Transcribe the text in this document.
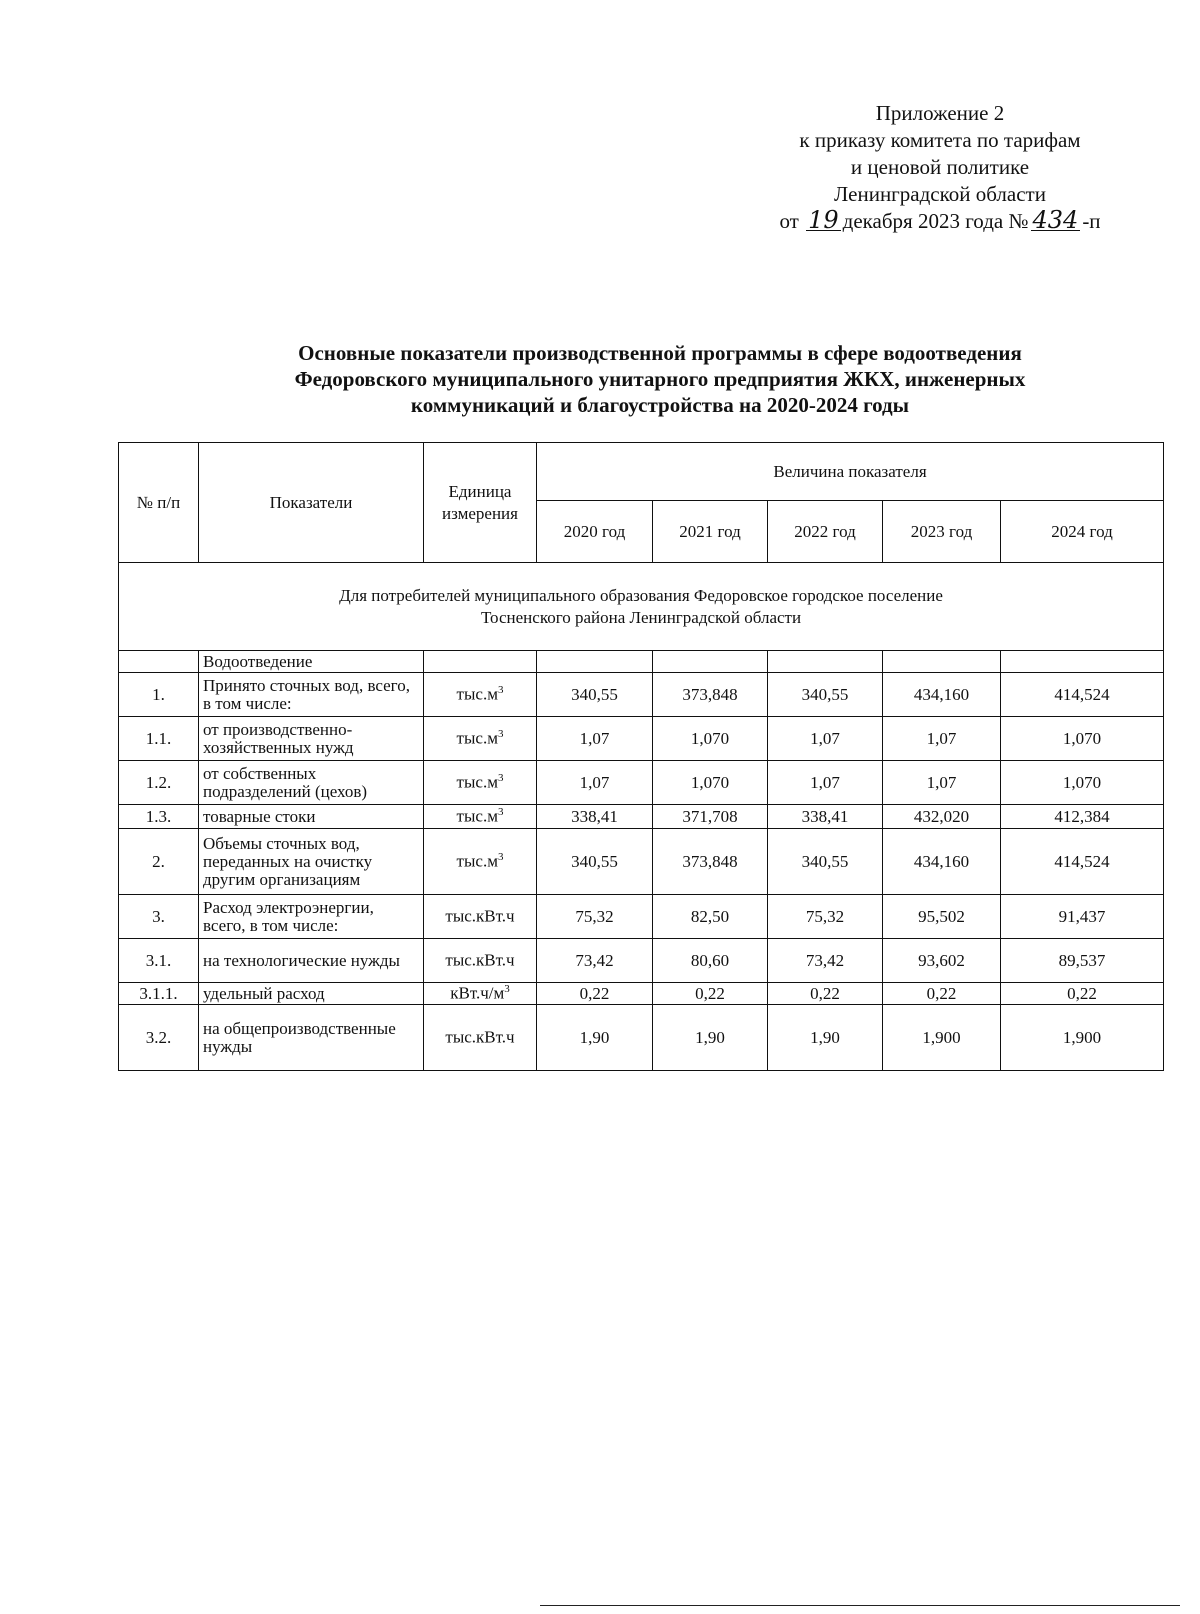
Приложение 2
к приказу комитета по тарифам
и ценовой политике
Ленинградской области
от 19 декабря 2023 года № 434 -п
Основные показатели производственной программы в сфере водоотведения
Федоровского муниципального унитарного предприятия ЖКХ, инженерных
коммуникаций и благоустройства на 2020-2024 годы
№ п/п	Показатели	Единица измерения	Величина показателя				
			2020 год	2021 год	2022 год	2023 год	2024 год

Для потребителей муниципального образования Федоровское городское поселение
Тосненского района Ленинградской области							

	Водоотведение						
1.	Принято сточных вод, всего, в том числе:	$тыс.м^3$	340,55	373,848	340,55	434,160	414,524
1.1.	от производственно-хозяйственных нужд	$тыс.м^3$	1,07	1,070	1,07	1,07	1,070
1.2.	от собственных подразделений (цехов)	$тыс.м^3$	1,07	1,070	1,07	1,07	1,070
1.3.	товарные стоки	$тыс.м^3$	338,41	371,708	338,41	432,020	412,384
2.	Объемы сточных вод, переданных на очистку другим организациям	$тыс.м^3$	340,55	373,848	340,55	434,160	414,524
3.	Расход электроэнергии, всего, в том числе:	тыс.кВт.ч	75,32	82,50	75,32	95,502	91,437
3.1.	на технологические нужды	тыс.кВт.ч	73,42	80,60	73,42	93,602	89,537
3.1.1.	удельный расход	$кВт.ч/м^3$	0,22	0,22	0,22	0,22	0,22
3.2.	на общепроизводственные нужды	тыс.кВт.ч	1,90	1,90	1,90	1,900	1,900
